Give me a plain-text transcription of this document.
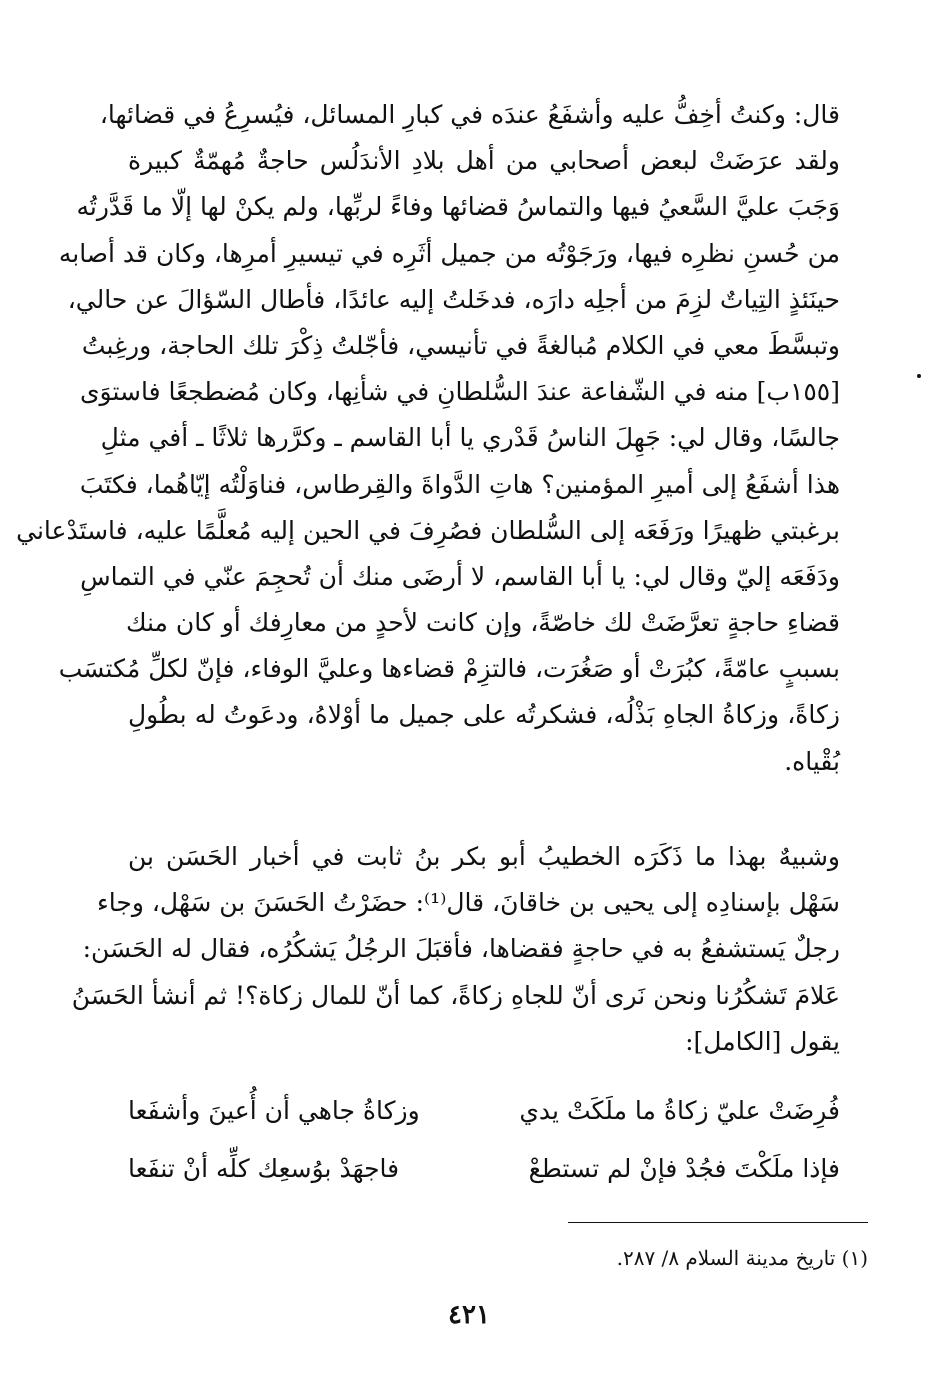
قال: وكنتُ أخِفُّ عليه وأشفَعُ عندَه في كبارِ المسائل، فيُسرِعُ في قضائها،
ولقد عرَضَتْ لبعض أصحابي من أهل بلادِ الأندَلُس حاجةٌ مُهمّةٌ كبيرة
وَجَبَ عليَّ السَّعيُ فيها والتماسُ قضائها وفاءً لربِّها، ولم يكنْ لها إلّا ما قَدَّرتُه
من حُسنِ نظرِه فيها، ورَجَوْتُه من جميل أثَرِه في تيسيرِ أمرِها، وكان قد أصابه
حينَئذٍ التِياتٌ لزِمَ من أجلِه دارَه، فدخَلتُ إليه عائدًا، فأطال السّؤالَ عن حالي،
وتبسَّطَ معي في الكلام مُبالغةً في تأنيسي، فأجّلتُ ذِكْرَ تلك الحاجة، ورغِبتُ
[١٥٥ب] منه في الشّفاعة عندَ السُّلطانِ في شأنِها، وكان مُضطجعًا فاستوَى
جالسًا، وقال لي: جَهِلَ الناسُ قَدْري يا أبا القاسم ـ وكرَّرها ثلاثًا ـ أفي مثلِ
هذا أشفَعُ إلى أميرِ المؤمنين؟ هاتِ الدَّواةَ والقِرطاس، فناوَلْتُه إيّاهُما، فكتَبَ
برغبتي ظهيرًا ورَفَعَه إلى السُّلطان فصُرِفَ في الحين إليه مُعلَّمًا عليه، فاستَدْعاني
ودَفَعَه إليّ وقال لي: يا أبا القاسم، لا أرضَى منك أن تُحجِمَ عنّي في التماسِ
قضاءِ حاجةٍ تعرَّضَتْ لك خاصّةً، وإن كانت لأحدٍ من معارِفك أو كان منك
بسببٍ عامّةً، كبُرَتْ أو صَغُرَت، فالتزِمْ قضاءها وعليَّ الوفاء، فإنّ لكلِّ مُكتسَب
زكاةً، وزكاةُ الجاهِ بَذْلُه، فشكرتُه على جميل ما أوْلاهُ، ودعَوتُ له بطُولِ
بُقْياه.
وشبيهٌ بهذا ما ذَكَرَه الخطيبُ أبو بكر بنُ ثابت في أخبار الحَسَن بن
سَهْل بإسنادِه إلى يحيى بن خاقانَ، قال⁽¹⁾: حضَرْتُ الحَسَنَ بن سَهْل، وجاء
رجلٌ يَستشفعُ به في حاجةٍ فقضاها، فأقبَلَ الرجُلُ يَشكُرُه، فقال له الحَسَن:
عَلامَ تَشكُرُنا ونحن نَرى أنّ للجاهِ زكاةً، كما أنّ للمال زكاة؟! ثم أنشأ الحَسَنُ
يقول [الكامل]:
فُرِضَتْ عليّ زكاةُ ما ملَكَتْ يدي
وزكاةُ جاهي أن أُعينَ وأشفَعا
فإذا ملَكْتَ فجُدْ فإنْ لم تستطعْ
فاجهَدْ بوُسعِك كلِّه أنْ تنفَعا
(١) تاريخ مدينة السلام ٨/ ٢٨٧.
٤٢١
